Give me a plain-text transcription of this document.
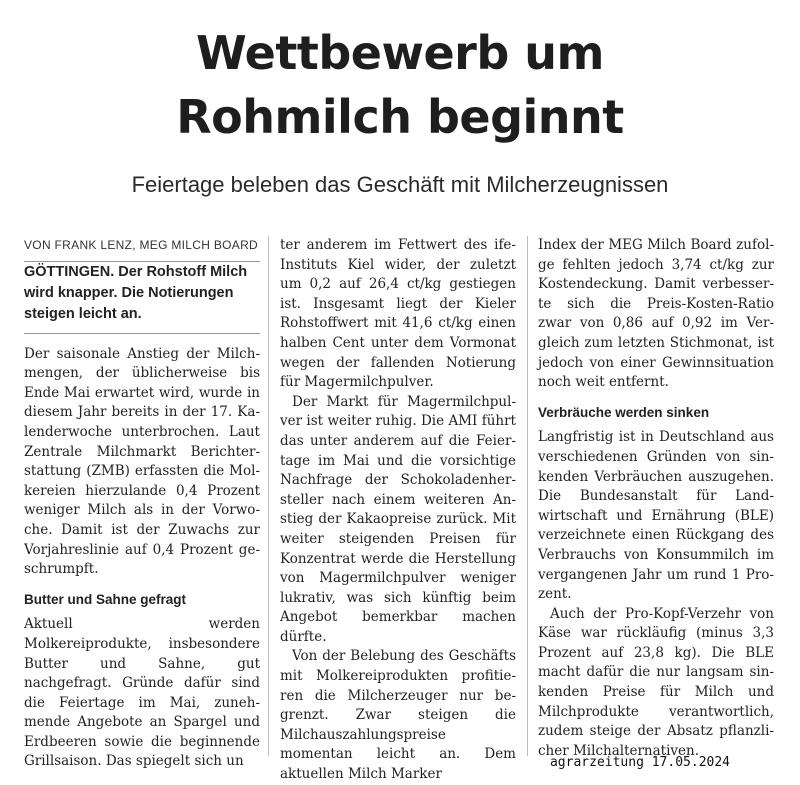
Wettbewerb um
Rohmilch beginnt

Feiertage beleben das Geschäft mit Milcherzeugnissen

VON FRANK LENZ, MEG MILCH BOARD

GÖTTINGEN. Der Rohstoff Milch wird knapper. Die Notierungen steigen leicht an.

Der saisonale Anstieg der Milchmengen, der üblicherweise bis Ende Mai erwartet wird, wurde in diesem Jahr bereits in der 17. Kalenderwoche unterbrochen. Laut Zentrale Milchmarkt Berichterstattung (ZMB) erfassten die Molkereien hierzulande 0,4 Prozent weniger Milch als in der Vorwoche. Damit ist der Zuwachs zur Vorjahreslinie auf 0,4 Prozent geschrumpft.

Butter und Sahne gefragt

Aktuell werden Molkereiprodukte, insbesondere Butter und Sahne, gut nachgefragt. Gründe dafür sind die Feiertage im Mai, zunehmende Angebote an Spargel und Erdbeeren sowie die beginnende Grillsaison. Das spiegelt sich un

ter anderem im Fettwert des ife-Instituts Kiel wider, der zuletzt um 0,2 auf 26,4 ct/kg gestiegen ist. Insgesamt liegt der Kieler Rohstoffwert mit 41,6 ct/kg einen halben Cent unter dem Vormonat wegen der fallenden Notierung für Magermilchpulver.

Der Markt für Magermilchpulver ist weiter ruhig. Die AMI führt das unter anderem auf die Feiertage im Mai und die vorsichtige Nachfrage der Schokoladenhersteller nach einem weiteren Anstieg der Kakaopreise zurück. Mit weiter steigenden Preisen für Konzentrat werde die Herstellung von Magermilchpulver weniger lukrativ, was sich künftig beim Angebot bemerkbar machen dürfte.

Von der Belebung des Geschäfts mit Molkereiprodukten profitieren die Milcherzeuger nur begrenzt. Zwar steigen die Milchauszahlungspreise momentan leicht an. Dem aktuellen Milch Marker

Index der MEG Milch Board zufolge fehlten jedoch 3,74 ct/kg zur Kostendeckung. Damit verbesserte sich die Preis-Kosten-Ratio zwar von 0,86 auf 0,92 im Vergleich zum letzten Stichmonat, ist jedoch von einer Gewinnsituation noch weit entfernt.

Verbräuche werden sinken

Langfristig ist in Deutschland aus verschiedenen Gründen von sinkenden Verbräuchen auszugehen. Die Bundesanstalt für Landwirtschaft und Ernährung (BLE) verzeichnete einen Rückgang des Verbrauchs von Konsummilch im vergangenen Jahr um rund 1 Prozent.

Auch der Pro-Kopf-Verzehr von Käse war rückläufig (minus 3,3 Prozent auf 23,8 kg). Die BLE macht dafür die nur langsam sinkenden Preise für Milch und Milchprodukte verantwortlich, zudem steige der Absatz pflanzlicher Milchalternativen.

agrarzeitung 17.05.2024
